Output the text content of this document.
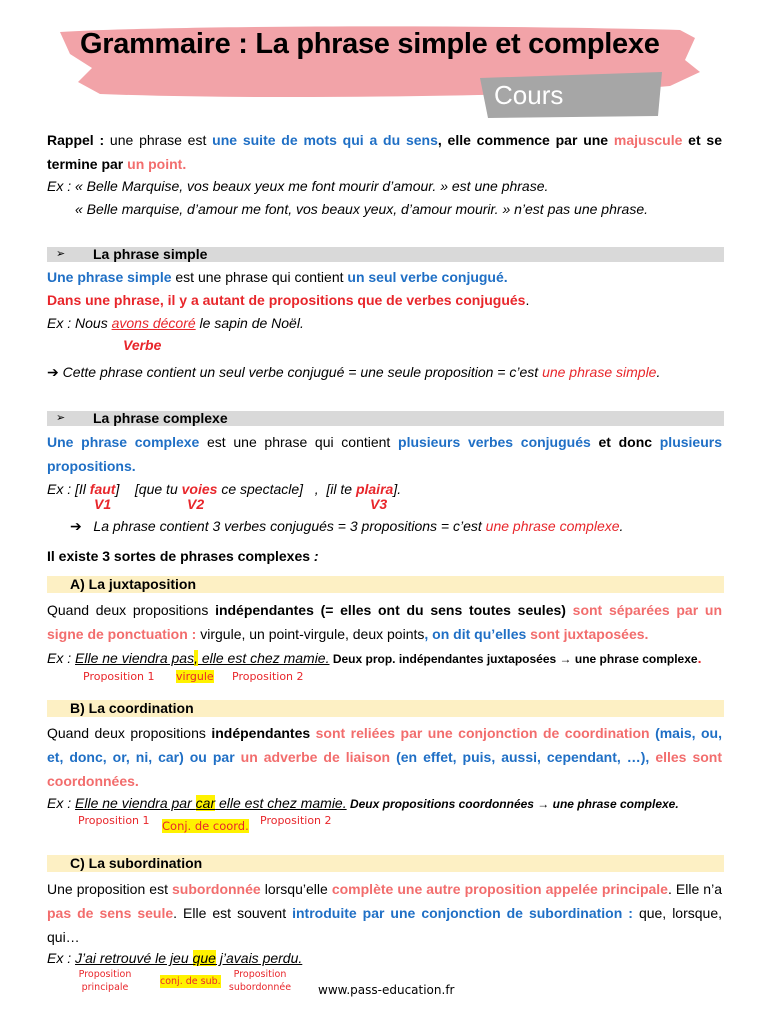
Grammaire : La phrase simple et complexe
Cours
Rappel : une phrase est une suite de mots qui a du sens, elle commence par une majuscule et se termine par un point.
Ex : « Belle Marquise, vos beaux yeux me font mourir d’amour. » est une phrase.
« Belle marquise, d’amour me font, vos beaux yeux, d’amour mourir. » n’est pas une phrase.
➢ La phrase simple
Une phrase simple est une phrase qui contient un seul verbe conjugué.
Dans une phrase, il y a autant de propositions que de verbes conjugués.
Ex : Nous avons décoré le sapin de Noël.
Verbe
➔ Cette phrase contient un seul verbe conjugué = une seule proposition = c’est une phrase simple.
➢ La phrase complexe
Une phrase complexe est une phrase qui contient plusieurs verbes conjugués et donc plusieurs propositions.
Ex : [Il faut]    [que tu voies ce spectacle]   ,  [il te plaira].
V1	V2	V3
➔ La phrase contient 3 verbes conjugués = 3 propositions = c’est une phrase complexe.
Il existe 3 sortes de phrases complexes :
A) La juxtaposition
Quand deux propositions indépendantes (= elles ont du sens toutes seules) sont séparées par un signe de ponctuation : virgule, un point-virgule, deux points, on dit qu’elles sont juxtaposées.
Ex : Elle ne viendra pas, elle est chez mamie. Deux prop. indépendantes juxtaposées → une phrase complexe.
Proposition 1 virgule Proposition 2
B) La coordination
Quand deux propositions indépendantes sont reliées par une conjonction de coordination (mais, ou, et, donc, or, ni, car) ou par un adverbe de liaison (en effet, puis, aussi, cependant, …), elles sont coordonnées.
Ex : Elle ne viendra par car elle est chez mamie. Deux propositions coordonnées → une phrase complexe.
Proposition 1 Conj. de coord. Proposition 2
C) La subordination
Une proposition est subordonnée lorsqu’elle complète une autre proposition appelée principale. Elle n’a pas de sens seule. Elle est souvent introduite par une conjonction de subordination : que, lorsque, qui…
Ex : J’ai retrouvé le jeu que j’avais perdu.
Proposition principale
conj. de sub.
Proposition subordonnée www.pass-education.fr
